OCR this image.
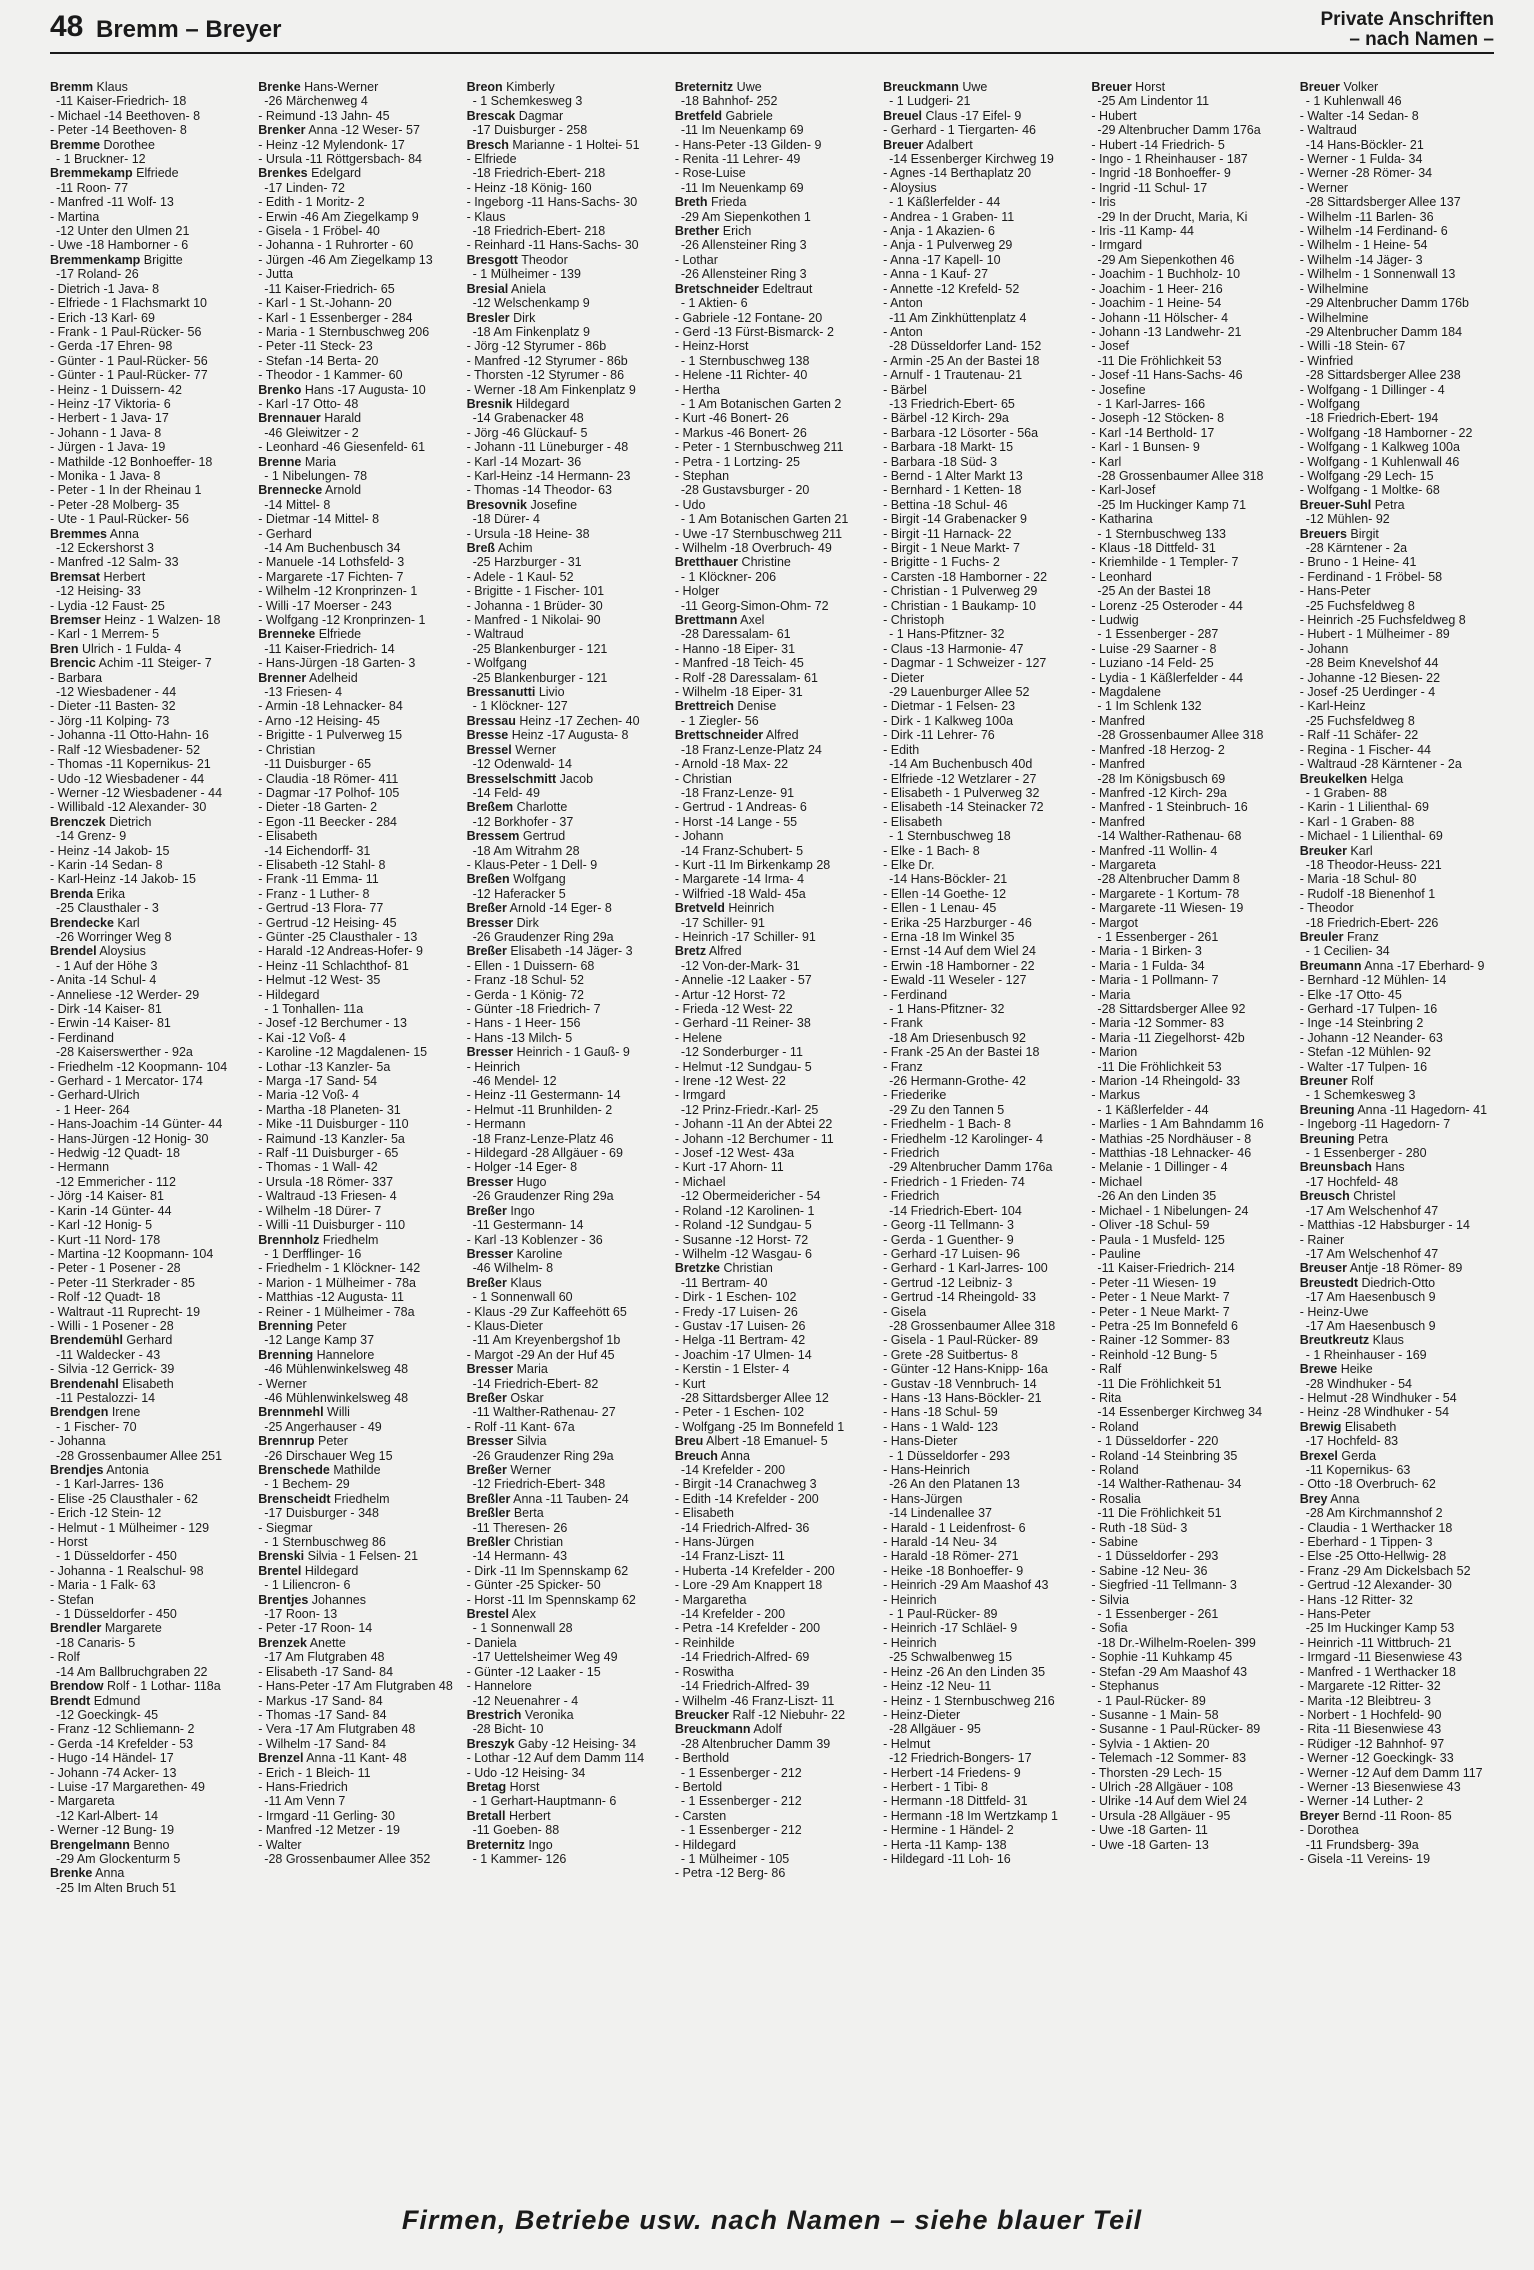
48 Bremm – Breyer	Private Anschriften
– nach Namen –
Bremm Klaus
-11 Kaiser-Friedrich- 18
- Michael -14 Beethoven- 8
- Peter -14 Beethoven- 8
Bremme Dorothee
- 1 Bruckner- 12
Bremmekamp Elfriede
-11 Roon- 77
- Manfred -11 Wolf- 13
- Martina
-12 Unter den Ulmen 21
- Uwe -18 Hamborner - 6
Bremmenkamp Brigitte
-17 Roland- 26
- Dietrich -1 Java- 8
- Elfriede - 1 Flachsmarkt 10
- Erich -13 Karl- 69
- Frank - 1 Paul-Rücker- 56
- Gerda -17 Ehren- 98
- Günter - 1 Paul-Rücker- 56
- Günter - 1 Paul-Rücker- 77
- Heinz - 1 Duissern- 42
- Heinz -17 Viktoria- 6
- Herbert - 1 Java- 17
- Johann - 1 Java- 8
- Jürgen - 1 Java- 19
- Mathilde -12 Bonhoeffer- 18
- Monika - 1 Java- 8
- Peter - 1 In der Rheinau 1
- Peter -28 Molberg- 35
- Ute - 1 Paul-Rücker- 56
Bremmes Anna
-12 Eckershorst 3
- Manfred -12 Salm- 33
Bremsat Herbert
-12 Heising- 33
- Lydia -12 Faust- 25
Bremser Heinz - 1 Walzen- 18
- Karl - 1 Merrem- 5
Bren Ulrich - 1 Fulda- 4
Brencic Achim -11 Steiger- 7
- Barbara
-12 Wiesbadener - 44
- Dieter -11 Basten- 32
- Jörg -11 Kolping- 73
- Johanna -11 Otto-Hahn- 16
- Ralf -12 Wiesbadener- 52
- Thomas -11 Kopernikus- 21
- Udo -12 Wiesbadener - 44
- Werner -12 Wiesbadener - 44
- Willibald -12 Alexander- 30
Brenczek Dietrich
-14 Grenz- 9
- Heinz -14 Jakob- 15
- Karin -14 Sedan- 8
- Karl-Heinz -14 Jakob- 15
Brenda Erika
-25 Clausthaler - 3
Brendecke Karl
-26 Worringer Weg 8
Brendel Aloysius
- 1 Auf der Höhe 3
- Anita -14 Schul- 4
- Anneliese -12 Werder- 29
- Dirk -14 Kaiser- 81
- Erwin -14 Kaiser- 81
- Ferdinand
-28 Kaiserswerther - 92a
- Friedhelm -12 Koopmann- 104
- Gerhard - 1 Mercator- 174
- Gerhard-Ulrich
- 1 Heer- 264
- Hans-Joachim -14 Günter- 44
- Hans-Jürgen -12 Honig- 30
- Hedwig -12 Quadt- 18
- Hermann
-12 Emmericher - 112
- Jörg -14 Kaiser- 81
- Karin -14 Günter- 44
- Karl -12 Honig- 5
- Kurt -11 Nord- 178
- Martina -12 Koopmann- 104
- Peter - 1 Posener - 28
- Peter -11 Sterkrader - 85
- Rolf -12 Quadt- 18
- Waltraut -11 Ruprecht- 19
- Willi - 1 Posener - 28
Brendemühl Gerhard
-11 Waldecker - 43
- Silvia -12 Gerrick- 39
Brendenahl Elisabeth
-11 Pestalozzi- 14
Brendgen Irene
- 1 Fischer- 70
- Johanna
-28 Grossenbaumer Allee 251
Brendjes Antonia
- 1 Karl-Jarres- 136
- Elise -25 Clausthaler - 62
- Erich -12 Stein- 12
- Helmut - 1 Mülheimer - 129
- Horst
- 1 Düsseldorfer - 450
- Johanna - 1 Realschul- 98
- Maria - 1 Falk- 63
- Stefan
- 1 Düsseldorfer - 450
Brendler Margarete
-18 Canaris- 5
- Rolf
-14 Am Ballbruchgraben 22
Brendow Rolf - 1 Lothar- 118a
Brendt Edmund
-12 Goeckingk- 45
- Franz -12 Schliemann- 2
- Gerda -14 Krefelder - 53
- Hugo -14 Händel- 17
- Johann -74 Acker- 13
- Luise -17 Margarethen- 49
- Margareta
-12 Karl-Albert- 14
- Werner -12 Bung- 19
Brengelmann Benno
-29 Am Glockenturm 5
Brenke Anna
-25 Im Alten Bruch 51
Brenke Hans-Werner
-26 Märchenweg 4
- Reimund -13 Jahn- 45
Brenker Anna -12 Weser- 57
- Heinz -12 Mylendonk- 17
- Ursula -11 Röttgersbach- 84
Brenkes Edelgard
-17 Linden- 72
- Edith - 1 Moritz- 2
- Erwin -46 Am Ziegelkamp 9
- Gisela - 1 Fröbel- 40
- Johanna - 1 Ruhrorter - 60
- Jürgen -46 Am Ziegelkamp 13
- Jutta
-11 Kaiser-Friedrich- 65
- Karl - 1 St.-Johann- 20
- Karl - 1 Essenberger - 284
- Maria - 1 Sternbuschweg 206
- Peter -11 Steck- 23
- Stefan -14 Berta- 20
- Theodor - 1 Kammer- 60
Brenko Hans -17 Augusta- 10
- Karl -17 Otto- 48
Brennauer Harald
-46 Gleiwitzer - 2
- Leonhard -46 Giesenfeld- 61
Brenne Maria
- 1 Nibelungen- 78
Brennecke Arnold
-14 Mittel- 8
- Dietmar -14 Mittel- 8
- Gerhard
-14 Am Buchenbusch 34
- Manuele -14 Lothsfeld- 3
- Margarete -17 Fichten- 7
- Wilhelm -12 Kronprinzen- 1
- Willi -17 Moerser - 243
- Wolfgang -12 Kronprinzen- 1
Brenneke Elfriede
-11 Kaiser-Friedrich- 14
- Hans-Jürgen -18 Garten- 3
Brenner Adelheid
-13 Friesen- 4
- Armin -18 Lehnacker- 84
- Arno -12 Heising- 45
- Brigitte - 1 Pulverweg 15
- Christian
-11 Duisburger - 65
- Claudia -18 Römer- 411
- Dagmar -17 Polhof- 105
- Dieter -18 Garten- 2
- Egon -11 Beecker - 284
- Elisabeth
-14 Eichendorff- 31
- Elisabeth -12 Stahl- 8
- Frank -11 Emma- 11
- Franz - 1 Luther- 8
- Gertrud -13 Flora- 77
- Gertrud -12 Heising- 45
- Günter -25 Clausthaler - 13
- Harald -12 Andreas-Hofer- 9
- Heinz -11 Schlachthof- 81
- Helmut -12 West- 35
- Hildegard
- 1 Tonhallen- 11a
- Josef -12 Berchumer - 13
- Kai -12 Voß- 4
- Karoline -12 Magdalenen- 15
- Lothar -13 Kanzler- 5a
- Marga -17 Sand- 54
- Maria -12 Voß- 4
- Martha -18 Planeten- 31
- Mike -11 Duisburger - 110
- Raimund -13 Kanzler- 5a
- Ralf -11 Duisburger - 65
- Thomas - 1 Wall- 42
- Ursula -18 Römer- 337
- Waltraud -13 Friesen- 4
- Wilhelm -18 Dürer- 7
- Willi -11 Duisburger - 110
Brennholz Friedhelm
- 1 Derfflinger- 16
- Friedhelm - 1 Klöckner- 142
- Marion - 1 Mülheimer - 78a
- Matthias -12 Augusta- 11
- Reiner - 1 Mülheimer - 78a
Brenning Peter
-12 Lange Kamp 37
Brenning Hannelore
-46 Mühlenwinkelsweg 48
- Werner
-46 Mühlenwinkelsweg 48
Brennmehl Willi
-25 Angerhauser - 49
Brennrup Peter
-26 Dirschauer Weg 15
Brenschede Mathilde
- 1 Bechem- 29
Brenscheidt Friedhelm
-17 Duisburger - 348
- Siegmar
- 1 Sternbuschweg 86
Brenski Silvia - 1 Felsen- 21
Brentel Hildegard
- 1 Liliencron- 6
Brentjes Johannes
-17 Roon- 13
- Peter -17 Roon- 14
Brenzek Anette
-17 Am Flutgraben 48
- Elisabeth -17 Sand- 84
- Hans-Peter -17 Am Flutgraben 48
- Markus -17 Sand- 84
- Thomas -17 Sand- 84
- Vera -17 Am Flutgraben 48
- Wilhelm -17 Sand- 84
Brenzel Anna -11 Kant- 48
- Erich - 1 Bleich- 11
- Hans-Friedrich
-11 Am Venn 7
- Irmgard -11 Gerling- 30
- Manfred -12 Metzer - 19
- Walter
-28 Grossenbaumer Allee 352
Breon Kimberly
- 1 Schemkesweg 3
Brescak Dagmar
-17 Duisburger - 258
Bresch Marianne - 1 Holtei- 51
- Elfriede
-18 Friedrich-Ebert- 218
- Heinz -18 König- 160
- Ingeborg -11 Hans-Sachs- 30
- Klaus
-18 Friedrich-Ebert- 218
- Reinhard -11 Hans-Sachs- 30
Bresgott Theodor
- 1 Mülheimer - 139
Bresial Aniela
-12 Welschenkamp 9
Bresler Dirk
-18 Am Finkenplatz 9
- Jörg -12 Styrumer - 86b
- Manfred -12 Styrumer - 86b
- Thorsten -12 Styrumer - 86
- Werner -18 Am Finkenplatz 9
Bresnik Hildegard
-14 Grabenacker 48
- Jörg -46 Glückauf- 5
- Johann -11 Lüneburger - 48
- Karl -14 Mozart- 36
- Karl-Heinz -14 Hermann- 23
- Thomas -14 Theodor- 63
Bresovnik Josefine
-18 Dürer- 4
- Ursula -18 Heine- 38
Breß Achim
-25 Harzburger - 31
- Adele - 1 Kaul- 52
- Brigitte - 1 Fischer- 101
- Johanna - 1 Brüder- 30
- Manfred - 1 Nikolai- 90
- Waltraud
-25 Blankenburger - 121
- Wolfgang
-25 Blankenburger - 121
Bressanutti Livio
- 1 Klöckner- 127
Bressau Heinz -17 Zechen- 40
Bresse Heinz -17 Augusta- 8
Bressel Werner
-12 Odenwald- 14
Bresselschmitt Jacob
-14 Feld- 49
Breßem Charlotte
-12 Borkhofer - 37
Bressem Gertrud
-18 Am Witrahm 28
- Klaus-Peter - 1 Dell- 9
Breßen Wolfgang
-12 Haferacker 5
Breßer Arnold -14 Eger- 8
Bresser Dirk
-26 Graudenzer Ring 29a
Breßer Elisabeth -14 Jäger- 3
- Ellen - 1 Duissern- 68
- Franz -18 Schul- 52
- Gerda - 1 König- 72
- Günter -18 Friedrich- 7
- Hans - 1 Heer- 156
- Hans -13 Milch- 5
Bresser Heinrich - 1 Gauß- 9
- Heinrich
-46 Mendel- 12
- Heinz -11 Gestermann- 14
- Helmut -11 Brunhilden- 2
- Hermann
-18 Franz-Lenze-Platz 46
- Hildegard -28 Allgäuer - 69
- Holger -14 Eger- 8
Bresser Hugo
-26 Graudenzer Ring 29a
Breßer Ingo
-11 Gestermann- 14
- Karl -13 Koblenzer - 36
Bresser Karoline
-46 Wilhelm- 8
Breßer Klaus
- 1 Sonnenwall 60
- Klaus -29 Zur Kaffeehött 65
- Klaus-Dieter
-11 Am Kreyenbergshof 1b
- Margot -29 An der Huf 45
Bresser Maria
-14 Friedrich-Ebert- 82
Breßer Oskar
-11 Walther-Rathenau- 27
- Rolf -11 Kant- 67a
Bresser Silvia
-26 Graudenzer Ring 29a
Breßer Werner
-12 Friedrich-Ebert- 348
Breßler Anna -11 Tauben- 24
Breßler Berta
-11 Theresen- 26
Breßler Christian
-14 Hermann- 43
- Dirk -11 Im Spennskamp 62
- Günter -25 Spicker- 50
- Horst -11 Im Spennskamp 62
Brestel Alex
- 1 Sonnenwall 28
- Daniela
-17 Uettelsheimer Weg 49
- Günter -12 Laaker - 15
- Hannelore
-12 Neuenahrer - 4
Brestrich Veronika
-28 Bicht- 10
Breszyk Gaby -12 Heising- 34
- Lothar -12 Auf dem Damm 114
- Udo -12 Heising- 34
Bretag Horst
- 1 Gerhart-Hauptmann- 6
Bretall Herbert
-11 Goeben- 88
Breternitz Ingo
- 1 Kammer- 126
Breternitz Uwe
-18 Bahnhof- 252
Bretfeld Gabriele
-11 Im Neuenkamp 69
- Hans-Peter -13 Gilden- 9
- Renita -11 Lehrer- 49
- Rose-Luise
-11 Im Neuenkamp 69
Breth Frieda
-29 Am Siepenkothen 1
Brether Erich
-26 Allensteiner Ring 3
- Lothar
-26 Allensteiner Ring 3
Bretschneider Edeltraut
- 1 Aktien- 6
- Gabriele -12 Fontane- 20
- Gerd -13 Fürst-Bismarck- 2
- Heinz-Horst
- 1 Sternbuschweg 138
- Helene -11 Richter- 40
- Hertha
- 1 Am Botanischen Garten 2
- Kurt -46 Bonert- 26
- Markus -46 Bonert- 26
- Peter - 1 Sternbuschweg 211
- Petra - 1 Lortzing- 25
- Stephan
-28 Gustavsburger - 20
- Udo
- 1 Am Botanischen Garten 21
- Uwe -17 Sternbuschweg 211
- Wilhelm -18 Overbruch- 49
Bretthauer Christine
- 1 Klöckner- 206
- Holger
-11 Georg-Simon-Ohm- 72
Brettmann Axel
-28 Daressalam- 61
- Hanno -18 Eiper- 31
- Manfred -18 Teich- 45
- Rolf -28 Daressalam- 61
- Wilhelm -18 Eiper- 31
Brettreich Denise
- 1 Ziegler- 56
Brettschneider Alfred
-18 Franz-Lenze-Platz 24
- Arnold -18 Max- 22
- Christian
-18 Franz-Lenze- 91
- Gertrud - 1 Andreas- 6
- Horst -14 Lange - 55
- Johann
-14 Franz-Schubert- 5
- Kurt -11 Im Birkenkamp 28
- Margarete -14 Irma- 4
- Wilfried -18 Wald- 45a
Bretveld Heinrich
-17 Schiller- 91
- Heinrich -17 Schiller- 91
Bretz Alfred
-12 Von-der-Mark- 31
- Annelie -12 Laaker - 57
- Artur -12 Horst- 72
- Frieda -12 West- 22
- Gerhard -11 Reiner- 38
- Helene
-12 Sonderburger - 11
- Helmut -12 Sundgau- 5
- Irene -12 West- 22
- Irmgard
-12 Prinz-Friedr.-Karl- 25
- Johann -11 An der Abtei 22
- Johann -12 Berchumer - 11
- Josef -12 West- 43a
- Kurt -17 Ahorn- 11
- Michael
-12 Obermeidericher - 54
- Roland -12 Karolinen- 1
- Roland -12 Sundgau- 5
- Susanne -12 Horst- 72
- Wilhelm -12 Wasgau- 6
Bretzke Christian
-11 Bertram- 40
- Dirk - 1 Eschen- 102
- Fredy -17 Luisen- 26
- Gustav -17 Luisen- 26
- Helga -11 Bertram- 42
- Joachim -17 Ulmen- 14
- Kerstin - 1 Elster- 4
- Kurt
-28 Sittardsberger Allee 12
- Peter - 1 Eschen- 102
- Wolfgang -25 Im Bonnefeld 1
Breu Albert -18 Emanuel- 5
Breuch Anna
-14 Krefelder - 200
- Birgit -14 Cranachweg 3
- Edith -14 Krefelder - 200
- Elisabeth
-14 Friedrich-Alfred- 36
- Hans-Jürgen
-14 Franz-Liszt- 11
- Huberta -14 Krefelder - 200
- Lore -29 Am Knappert 18
- Margaretha
-14 Krefelder - 200
- Petra -14 Krefelder - 200
- Reinhilde
-14 Friedrich-Alfred- 69
- Roswitha
-14 Friedrich-Alfred- 39
- Wilhelm -46 Franz-Liszt- 11
Breucker Ralf -12 Niebuhr- 22
Breuckmann Adolf
-28 Altenbrucher Damm 39
- Berthold
- 1 Essenberger - 212
- Bertold
- 1 Essenberger - 212
- Carsten
- 1 Essenberger - 212
- Hildegard
- 1 Mülheimer - 105
- Petra -12 Berg- 86
Breuckmann Uwe
- 1 Ludgeri- 21
Breuel Claus -17 Eifel- 9
- Gerhard - 1 Tiergarten- 46
Breuer Adalbert
-14 Essenberger Kirchweg 19
- Agnes -14 Berthaplatz 20
- Aloysius
- 1 Käßlerfelder - 44
- Andrea - 1 Graben- 11
- Anja - 1 Akazien- 6
- Anja - 1 Pulverweg 29
- Anna -17 Kapell- 10
- Anna - 1 Kauf- 27
- Annette -12 Krefeld- 52
- Anton
-11 Am Zinkhüttenplatz 4
- Anton
-28 Düsseldorfer Land- 152
- Armin -25 An der Bastei 18
- Arnulf - 1 Trautenau- 21
- Bärbel
-13 Friedrich-Ebert- 65
- Bärbel -12 Kirch- 29a
- Barbara -12 Lösorter - 56a
- Barbara -18 Markt- 15
- Barbara -18 Süd- 3
- Bernd - 1 Alter Markt 13
- Bernhard - 1 Ketten- 18
- Bettina -18 Schul- 46
- Birgit -14 Grabenacker 9
- Birgit -11 Harnack- 22
- Birgit - 1 Neue Markt- 7
- Brigitte - 1 Fuchs- 2
- Carsten -18 Hamborner - 22
- Christian - 1 Pulverweg 29
- Christian - 1 Baukamp- 10
- Christoph
- 1 Hans-Pfitzner- 32
- Claus -13 Harmonie- 47
- Dagmar - 1 Schweizer - 127
- Dieter
-29 Lauenburger Allee 52
- Dietmar - 1 Felsen- 23
- Dirk - 1 Kalkweg 100a
- Dirk -11 Lehrer- 76
- Edith
-14 Am Buchenbusch 40d
- Elfriede -12 Wetzlarer - 27
- Elisabeth - 1 Pulverweg 32
- Elisabeth -14 Steinacker 72
- Elisabeth
- 1 Sternbuschweg 18
- Elke - 1 Bach- 8
- Elke Dr.
-14 Hans-Böckler- 21
- Ellen -14 Goethe- 12
- Ellen - 1 Lenau- 45
- Erika -25 Harzburger - 46
- Erna -18 Im Winkel 35
- Ernst -14 Auf dem Wiel 24
- Erwin -18 Hamborner - 22
- Ewald -11 Weseler - 127
- Ferdinand
- 1 Hans-Pfitzner- 32
- Frank
-18 Am Driesenbusch 92
- Frank -25 An der Bastei 18
- Franz
-26 Hermann-Grothe- 42
- Friederike
-29 Zu den Tannen 5
- Friedhelm - 1 Bach- 8
- Friedhelm -12 Karolinger- 4
- Friedrich
-29 Altenbrucher Damm 176a
- Friedrich - 1 Frieden- 74
- Friedrich
-14 Friedrich-Ebert- 104
- Georg -11 Tellmann- 3
- Gerda - 1 Guenther- 9
- Gerhard -17 Luisen- 96
- Gerhard - 1 Karl-Jarres- 100
- Gertrud -12 Leibniz- 3
- Gertrud -14 Rheingold- 33
- Gisela
-28 Grossenbaumer Allee 318
- Gisela - 1 Paul-Rücker- 89
- Grete -28 Suitbertus- 8
- Günter -12 Hans-Knipp- 16a
- Gustav -18 Vennbruch- 14
- Hans -13 Hans-Böckler- 21
- Hans -18 Schul- 59
- Hans - 1 Wald- 123
- Hans-Dieter
- 1 Düsseldorfer - 293
- Hans-Heinrich
-26 An den Platanen 13
- Hans-Jürgen
-14 Lindenallee 37
- Harald - 1 Leidenfrost- 6
- Harald -14 Neu- 34
- Harald -18 Römer- 271
- Heike -18 Bonhoeffer- 9
- Heinrich -29 Am Maashof 43
- Heinrich
- 1 Paul-Rücker- 89
- Heinrich -17 Schläel- 9
- Heinrich
-25 Schwalbenweg 15
- Heinz -26 An den Linden 35
- Heinz -12 Neu- 11
- Heinz - 1 Sternbuschweg 216
- Heinz-Dieter
-28 Allgäuer - 95
- Helmut
-12 Friedrich-Bongers- 17
- Herbert -14 Friedens- 9
- Herbert - 1 Tibi- 8
- Hermann -18 Dittfeld- 31
- Hermann -18 Im Wertzkamp 1
- Hermine - 1 Händel- 2
- Herta -11 Kamp- 138
- Hildegard -11 Loh- 16
Breuer Horst
-25 Am Lindentor 11
- Hubert
-29 Altenbrucher Damm 176a
- Hubert -14 Friedrich- 5
- Ingo - 1 Rheinhauser - 187
- Ingrid -18 Bonhoeffer- 9
- Ingrid -11 Schul- 17
- Iris
-29 In der Drucht, Maria, Ki
- Iris -11 Kamp- 44
- Irmgard
-29 Am Siepenkothen 46
- Joachim - 1 Buchholz- 10
- Joachim - 1 Heer- 216
- Joachim - 1 Heine- 54
- Johann -11 Hölscher- 4
- Johann -13 Landwehr- 21
- Josef
-11 Die Fröhlichkeit 53
- Josef -11 Hans-Sachs- 46
- Josefine
- 1 Karl-Jarres- 166
- Joseph -12 Stöcken- 8
- Karl -14 Berthold- 17
- Karl - 1 Bunsen- 9
- Karl
-28 Grossenbaumer Allee 318
- Karl-Josef
-25 Im Huckinger Kamp 71
- Katharina
- 1 Sternbuschweg 133
- Klaus -18 Dittfeld- 31
- Kriemhilde - 1 Templer- 7
- Leonhard
-25 An der Bastei 18
- Lorenz -25 Osteroder - 44
- Ludwig
- 1 Essenberger - 287
- Luise -29 Saarner - 8
- Luziano -14 Feld- 25
- Lydia - 1 Käßlerfelder - 44
- Magdalene
- 1 Im Schlenk 132
- Manfred
-28 Grossenbaumer Allee 318
- Manfred -18 Herzog- 2
- Manfred
-28 Im Königsbusch 69
- Manfred -12 Kirch- 29a
- Manfred - 1 Steinbruch- 16
- Manfred
-14 Walther-Rathenau- 68
- Manfred -11 Wollin- 4
- Margareta
-28 Altenbrucher Damm 8
- Margarete - 1 Kortum- 78
- Margarete -11 Wiesen- 19
- Margot
- 1 Essenberger - 261
- Maria - 1 Birken- 3
- Maria - 1 Fulda- 34
- Maria - 1 Pollmann- 7
- Maria
-28 Sittardsberger Allee 92
- Maria -12 Sommer- 83
- Maria -11 Ziegelhorst- 42b
- Marion
-11 Die Fröhlichkeit 53
- Marion -14 Rheingold- 33
- Markus
- 1 Käßlerfelder - 44
- Marlies - 1 Am Bahndamm 16
- Mathias -25 Nordhäuser - 8
- Matthias -18 Lehnacker- 46
- Melanie - 1 Dillinger - 4
- Michael
-26 An den Linden 35
- Michael - 1 Nibelungen- 24
- Oliver -18 Schul- 59
- Paula - 1 Musfeld- 125
- Pauline
-11 Kaiser-Friedrich- 214
- Peter -11 Wiesen- 19
- Peter - 1 Neue Markt- 7
- Peter - 1 Neue Markt- 7
- Petra -25 Im Bonnefeld 6
- Rainer -12 Sommer- 83
- Reinhold -12 Bung- 5
- Ralf
-11 Die Fröhlichkeit 51
- Rita
-14 Essenberger Kirchweg 34
- Roland
- 1 Düsseldorfer - 220
- Roland -14 Steinbring 35
- Roland
-14 Walther-Rathenau- 34
- Rosalia
-11 Die Fröhlichkeit 51
- Ruth -18 Süd- 3
- Sabine
- 1 Düsseldorfer - 293
- Sabine -12 Neu- 36
- Siegfried -11 Tellmann- 3
- Silvia
- 1 Essenberger - 261
- Sofia
-18 Dr.-Wilhelm-Roelen- 399
- Sophie -11 Kuhkamp 45
- Stefan -29 Am Maashof 43
- Stephanus
- 1 Paul-Rücker- 89
- Susanne - 1 Main- 58
- Susanne - 1 Paul-Rücker- 89
- Sylvia - 1 Aktien- 20
- Telemach -12 Sommer- 83
- Thorsten -29 Lech- 15
- Ulrich -28 Allgäuer - 108
- Ulrike -14 Auf dem Wiel 24
- Ursula -28 Allgäuer - 95
- Uwe -18 Garten- 11
- Uwe -18 Garten- 13
Breuer Volker
- 1 Kuhlenwall 46
- Walter -14 Sedan- 8
- Waltraud
-14 Hans-Böckler- 21
- Werner - 1 Fulda- 34
- Werner -28 Römer- 34
- Werner
-28 Sittardsberger Allee 137
- Wilhelm -11 Barlen- 36
- Wilhelm -14 Ferdinand- 6
- Wilhelm - 1 Heine- 54
- Wilhelm -14 Jäger- 3
- Wilhelm - 1 Sonnenwall 13
- Wilhelmine
-29 Altenbrucher Damm 176b
- Wilhelmine
-29 Altenbrucher Damm 184
- Willi -18 Stein- 67
- Winfried
-28 Sittardsberger Allee 238
- Wolfgang - 1 Dillinger - 4
- Wolfgang
-18 Friedrich-Ebert- 194
- Wolfgang -18 Hamborner - 22
- Wolfgang - 1 Kalkweg 100a
- Wolfgang - 1 Kuhlenwall 46
- Wolfgang -29 Lech- 15
- Wolfgang - 1 Moltke- 68
Breuer-Suhl Petra
-12 Mühlen- 92
Breuers Birgit
-28 Kärntener - 2a
- Bruno - 1 Heine- 41
- Ferdinand - 1 Fröbel- 58
- Hans-Peter
-25 Fuchsfeldweg 8
- Heinrich -25 Fuchsfeldweg 8
- Hubert - 1 Mülheimer - 89
- Johann
-28 Beim Knevelshof 44
- Johanne -12 Biesen- 22
- Josef -25 Uerdinger - 4
- Karl-Heinz
-25 Fuchsfeldweg 8
- Ralf -11 Schäfer- 22
- Regina - 1 Fischer- 44
- Waltraud -28 Kärntener - 2a
Breukelken Helga
- 1 Graben- 88
- Karin - 1 Lilienthal- 69
- Karl - 1 Graben- 88
- Michael - 1 Lilienthal- 69
Breuker Karl
-18 Theodor-Heuss- 221
- Maria -18 Schul- 80
- Rudolf -18 Bienenhof 1
- Theodor
-18 Friedrich-Ebert- 226
Breuler Franz
- 1 Cecilien- 34
Breumann Anna -17 Eberhard- 9
- Bernhard -12 Mühlen- 14
- Elke -17 Otto- 45
- Gerhard -17 Tulpen- 16
- Inge -14 Steinbring 2
- Johann -12 Neander- 63
- Stefan -12 Mühlen- 92
- Walter -17 Tulpen- 16
Breuner Rolf
- 1 Schemkesweg 3
Breuning Anna -11 Hagedorn- 41
- Ingeborg -11 Hagedorn- 7
Breuning Petra
- 1 Essenberger - 280
Breunsbach Hans
-17 Hochfeld- 48
Breusch Christel
-17 Am Welschenhof 47
- Matthias -12 Habsburger - 14
- Rainer
-17 Am Welschenhof 47
Breuser Antje -18 Römer- 89
Breustedt Diedrich-Otto
-17 Am Haesenbusch 9
- Heinz-Uwe
-17 Am Haesenbusch 9
Breutkreutz Klaus
- 1 Rheinhauser - 169
Brewe Heike
-28 Windhuker - 54
- Helmut -28 Windhuker - 54
- Heinz -28 Windhuker - 54
Brewig Elisabeth
-17 Hochfeld- 83
Brexel Gerda
-11 Kopernikus- 63
- Otto -18 Overbruch- 62
Brey Anna
-28 Am Kirchmannshof 2
- Claudia - 1 Werthacker 18
- Eberhard - 1 Tippen- 3
- Else -25 Otto-Hellwig- 28
- Franz -29 Am Dickelsbach 52
- Gertrud -12 Alexander- 30
- Hans -12 Ritter- 32
- Hans-Peter
-25 Im Huckinger Kamp 53
- Heinrich -11 Wittbruch- 21
- Irmgard -11 Biesenwiese 43
- Manfred - 1 Werthacker 18
- Margarete -12 Ritter- 32
- Marita -12 Bleibtreu- 3
- Norbert - 1 Hochfeld- 90
- Rita -11 Biesenwiese 43
- Rüdiger -12 Bahnhof- 97
- Werner -12 Goeckingk- 33
- Werner -12 Auf dem Damm 117
- Werner -13 Biesenwiese 43
- Werner -14 Luther- 2
Breyer Bernd -11 Roon- 85
- Dorothea
-11 Frundsberg- 39a
- Gisela -11 Vereins- 19
Firmen, Betriebe usw. nach Namen – siehe blauer Teil
